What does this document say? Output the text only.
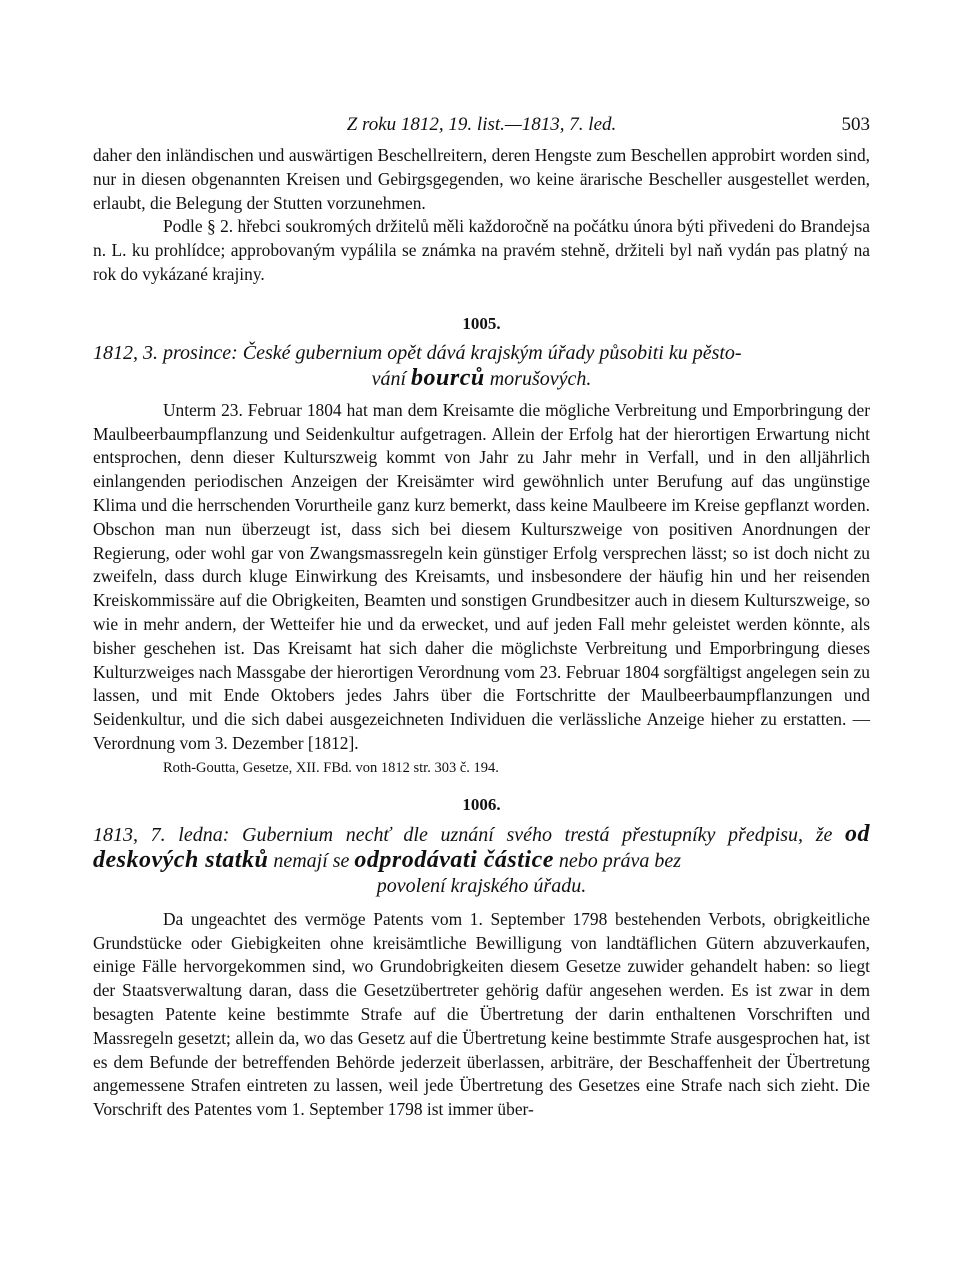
Z roku 1812, 19. list.—1813, 7. led.	503

daher den inländischen und auswärtigen Beschellreitern, deren Hengste zum Beschellen approbirt worden sind, nur in diesen obgenannten Kreisen und Gebirgsgegenden, wo keine ärarische Bescheller ausgestellet werden, erlaubt, die Belegung der Stutten vorzunehmen.

Podle § 2. hřebci soukromých držitelů měli každoročně na počátku února býti přivedeni do Brandejsa n. L. ku prohlídce; approbovaným vypálila se známka na pravém stehně, držiteli byl naň vydán pas platný na rok do vykázané krajiny.

1005.
1812, 3. prosince: České gubernium opět dává krajským úřady působiti ku pěsto-
vání bourců morušových.

Unterm 23. Februar 1804 hat man dem Kreisamte die mögliche Verbreitung und Emporbringung der Maulbeerbaumpflanzung und Seidenkultur aufgetragen. Allein der Erfolg hat der hierortigen Erwartung nicht entsprochen, denn dieser Kulturszweig kommt von Jahr zu Jahr mehr in Verfall, und in den alljährlich einlangenden periodischen Anzeigen der Kreisämter wird gewöhnlich unter Berufung auf das ungünstige Klima und die herrschenden Vorurtheile ganz kurz bemerkt, dass keine Maulbeere im Kreise gepflanzt worden. Obschon man nun überzeugt ist, dass sich bei diesem Kulturszweige von positiven Anordnungen der Regierung, oder wohl gar von Zwangsmassregeln kein günstiger Erfolg versprechen lässt; so ist doch nicht zu zweifeln, dass durch kluge Einwirkung des Kreisamts, und insbesondere der häufig hin und her reisenden Kreiskommissäre auf die Obrigkeiten, Beamten und sonstigen Grundbesitzer auch in diesem Kulturszweige, so wie in mehr andern, der Wetteifer hie und da erwecket, und auf jeden Fall mehr geleistet werden könnte, als bisher geschehen ist. Das Kreisamt hat sich daher die möglichste Verbreitung und Emporbringung dieses Kulturzweiges nach Massgabe der hierortigen Verordnung vom 23. Februar 1804 sorgfältigst angelegen sein zu lassen, und mit Ende Oktobers jedes Jahrs über die Fortschritte der Maulbeerbaumpflanzungen und Seidenkultur, und die sich dabei ausgezeichneten Individuen die verlässliche Anzeige hieher zu erstatten. — Verordnung vom 3. Dezember [1812].

Roth-Goutta, Gesetze, XII. FBd. von 1812 str. 303 č. 194.
1006.
1813, 7. ledna: Gubernium nechť dle uznání svého trestá přestupníky předpisu, že od deskových statků nemají se odprodávati částice nebo práva bez
povolení krajského úřadu.

Da ungeachtet des vermöge Patents vom 1. September 1798 bestehenden Verbots, obrigkeitliche Grundstücke oder Giebigkeiten ohne kreisämtliche Bewilligung von landtäflichen Gütern abzuverkaufen, einige Fälle hervorgekommen sind, wo Grundobrigkeiten diesem Gesetze zuwider gehandelt haben: so liegt der Staatsverwaltung daran, dass die Gesetzübertreter gehörig dafür angesehen werden. Es ist zwar in dem besagten Patente keine bestimmte Strafe auf die Übertretung der darin enthaltenen Vorschriften und Massregeln gesetzt; allein da, wo das Gesetz auf die Übertretung keine bestimmte Strafe ausgesprochen hat, ist es dem Befunde der betreffenden Behörde jederzeit überlassen, arbiträre, der Beschaffenheit der Übertretung angemessene Strafen eintreten zu lassen, weil jede Übertretung des Gesetzes eine Strafe nach sich zieht. Die Vorschrift des Patentes vom 1. September 1798 ist immer über-
